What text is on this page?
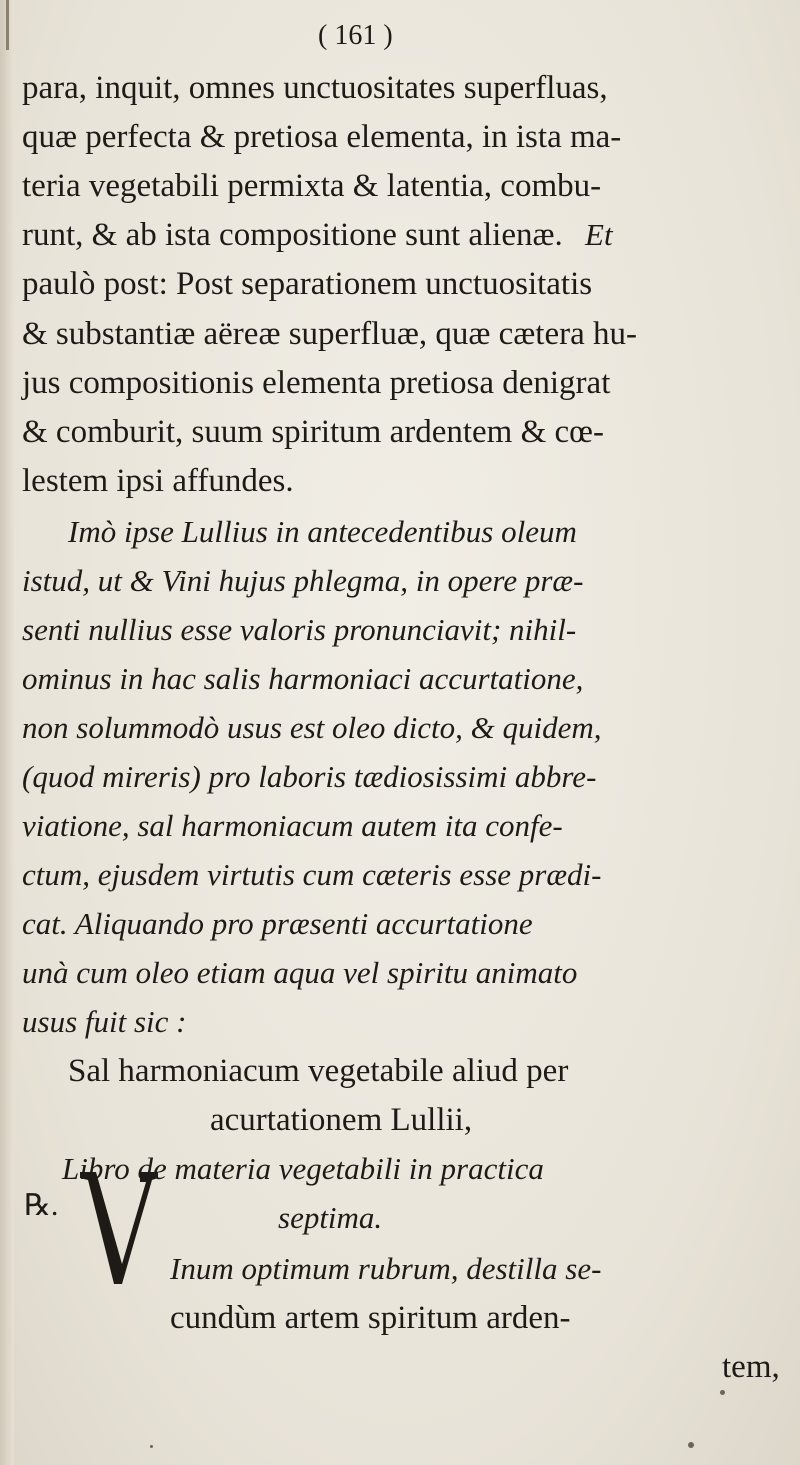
( 161 )
para, inquit, omnes unctuositates superfluas,
quæ perfecta & pretiosa elementa, in ista ma-
teria vegetabili permixta & latentia, combu-
runt, & ab ista compositione sunt alienæ. Et
paulò post: Post separationem unctuositatis
& substantiæ aëreæ superfluæ, quæ cætera hu-
jus compositionis elementa pretiosa denigrat
& comburit, suum spiritum ardentem & cœ-
lestem ipsi affundes.
Imò ipse Lullius in antecedentibus oleum
istud, ut & Vini hujus phlegma, in opere præ-
senti nullius esse valoris pronunciavit; nihil-
ominus in hac salis harmoniaci accurtatione,
non solummodò usus est oleo dicto, & quidem,
(quod mireris) pro laboris tædiosissimi abbre-
viatione, sal harmoniacum autem ita confe-
ctum, ejusdem virtutis cum cæteris esse prædi-
cat. Aliquando pro præsenti accurtatione
unà cum oleo etiam aqua vel spiritu animato
usus fuit sic :
Sal harmoniacum vegetabile aliud per
acurtationem Lullii,
Libro de materia vegetabili in practica
septima.
℞.
Inum optimum rubrum, destilla se-
cundùm artem spiritum arden-
tem,
